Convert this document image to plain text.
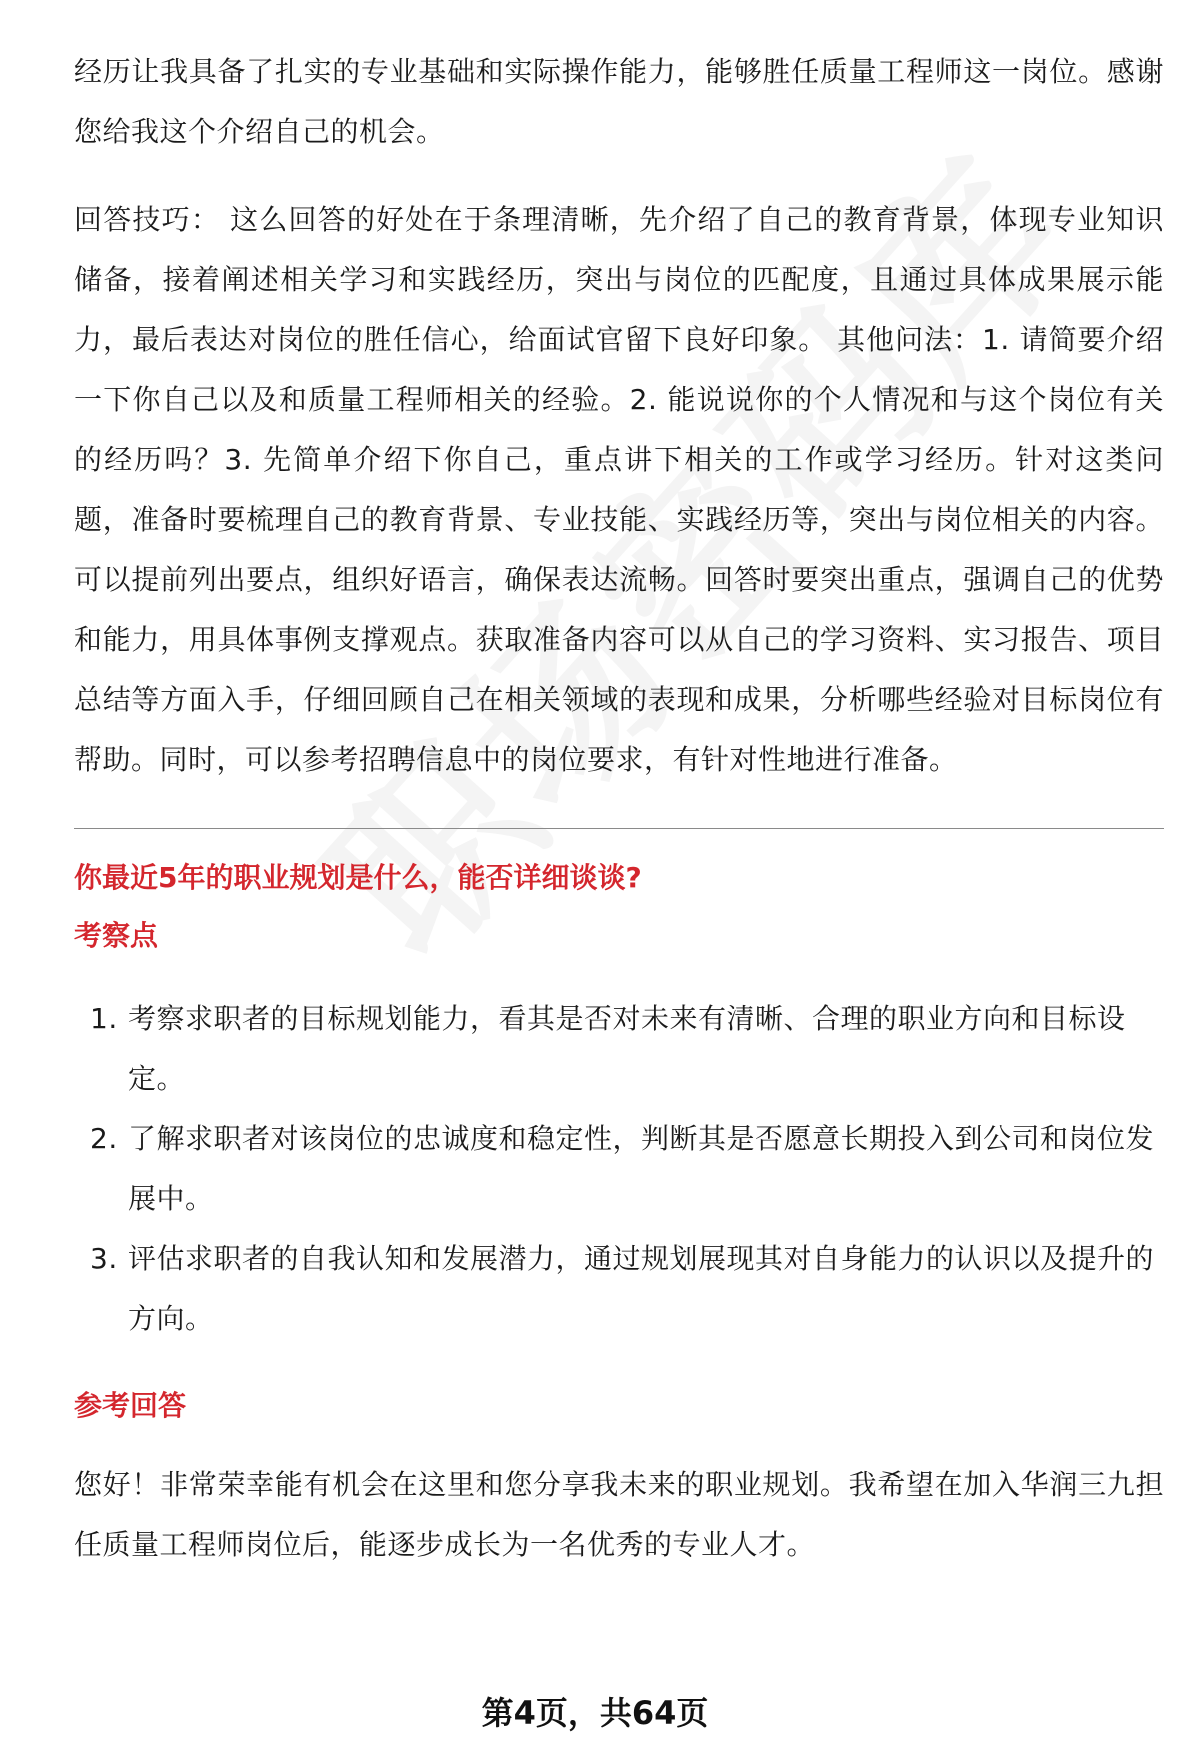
经历让我具备了扎实的专业基础和实际操作能力，能够胜任质量工程师这一岗位。感谢您给我这个介绍自己的机会。

回答技巧： 这么回答的好处在于条理清晰，先介绍了自己的教育背景，体现专业知识储备，接着阐述相关学习和实践经历，突出与岗位的匹配度，且通过具体成果展示能力，最后表达对岗位的胜任信心，给面试官留下良好印象。 其他问法：1. 请简要介绍一下你自己以及和质量工程师相关的经验。2. 能说说你的个人情况和与这个岗位有关的经历吗？3. 先简单介绍下你自己，重点讲下相关的工作或学习经历。针对这类问题，准备时要梳理自己的教育背景、专业技能、实践经历等，突出与岗位相关的内容。可以提前列出要点，组织好语言，确保表达流畅。回答时要突出重点，强调自己的优势和能力，用具体事例支撑观点。获取准备内容可以从自己的学习资料、实习报告、项目总结等方面入手，仔细回顾自己在相关领域的表现和成果，分析哪些经验对目标岗位有帮助。同时，可以参考招聘信息中的岗位要求，有针对性地进行准备。

你最近5年的职业规划是什么，能否详细谈谈?

考察点

1. 考察求职者的目标规划能力，看其是否对未来有清晰、合理的职业方向和目标设定。
2. 了解求职者对该岗位的忠诚度和稳定性，判断其是否愿意长期投入到公司和岗位发展中。
3. 评估求职者的自我认知和发展潜力，通过规划展现其对自身能力的认识以及提升的方向。

参考回答

您好！非常荣幸能有机会在这里和您分享我未来的职业规划。我希望在加入华润三九担任质量工程师岗位后，能逐步成长为一名优秀的专业人才。

第4页，共64页
